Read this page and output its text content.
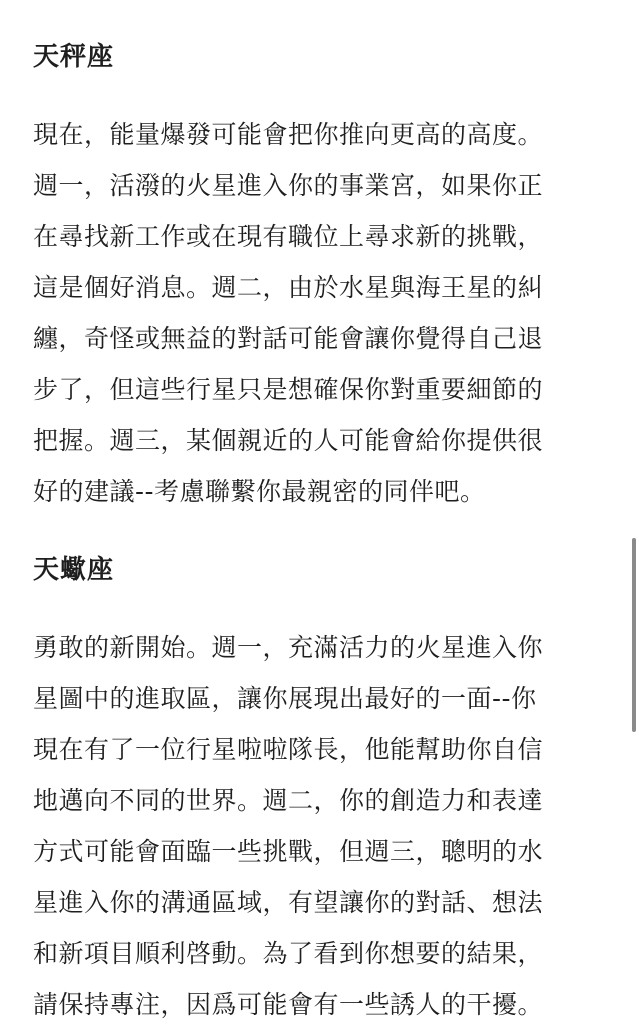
天秤座
現在，能量爆發可能會把你推向更高的高度。
週一，活潑的火星進入你的事業宮，如果你正
在尋找新工作或在現有職位上尋求新的挑戰，
這是個好消息。週二，由於水星與海王星的糾
纏，奇怪或無益的對話可能會讓你覺得自己退
步了，但這些行星只是想確保你對重要細節的
把握。週三，某個親近的人可能會給你提供很
好的建議--考慮聯繫你最親密的同伴吧。
天蠍座
勇敢的新開始。週一，充滿活力的火星進入你
星圖中的進取區，讓你展現出最好的一面--你
現在有了一位行星啦啦隊長，他能幫助你自信
地邁向不同的世界。週二，你的創造力和表達
方式可能會面臨一些挑戰，但週三，聰明的水
星進入你的溝通區域，有望讓你的對話、想法
和新項目順利啓動。為了看到你想要的結果，
請保持專注，因爲可能會有一些誘人的干擾。
